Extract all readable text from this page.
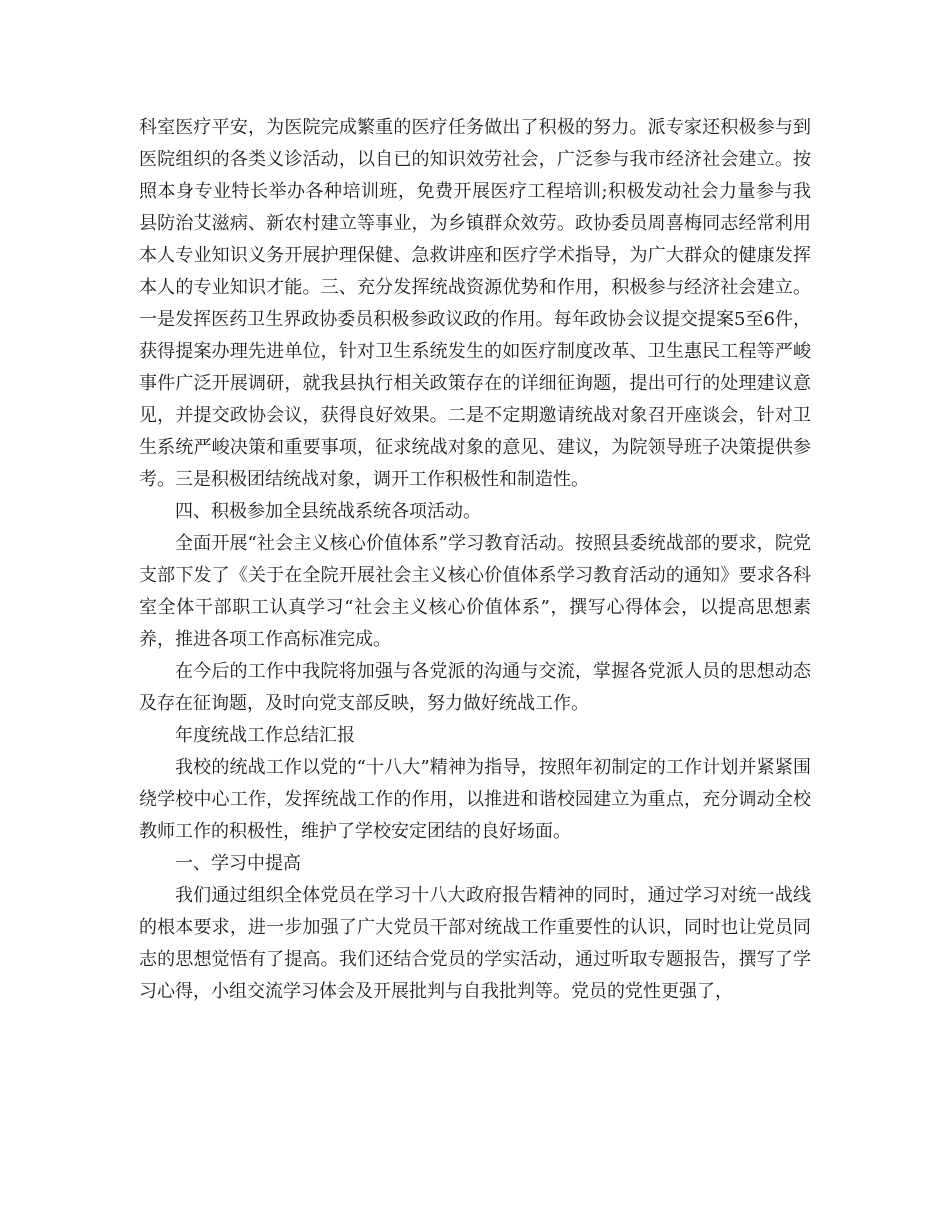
科室医疗平安，为医院完成繁重的医疗任务做出了积极的努力。派专家还积极参与到医院组织的各类义诊活动，以自已的知识效劳社会，广泛参与我市经济社会建立。按照本身专业特长举办各种培训班，免费开展医疗工程培训;积极发动社会力量参与我县防治艾滋病、新农村建立等事业，为乡镇群众效劳。政协委员周喜梅同志经常利用本人专业知识义务开展护理保健、急救讲座和医疗学术指导，为广大群众的健康发挥本人的专业知识才能。三、充分发挥统战资源优势和作用，积极参与经济社会建立。一是发挥医药卫生界政协委员积极参政议政的作用。每年政协会议提交提案5至6件，获得提案办理先进单位，针对卫生系统发生的如医疗制度改革、卫生惠民工程等严峻事件广泛开展调研，就我县执行相关政策存在的详细征询题，提出可行的处理建议意见，并提交政协会议，获得良好效果。二是不定期邀请统战对象召开座谈会，针对卫生系统严峻决策和重要事项，征求统战对象的意见、建议，为院领导班子决策提供参考。三是积极团结统战对象，调开工作积极性和制造性。

四、积极参加全县统战系统各项活动。

全面开展“社会主义核心价值体系”学习教育活动。按照县委统战部的要求，院党支部下发了《关于在全院开展社会主义核心价值体系学习教育活动的通知》要求各科室全体干部职工认真学习“社会主义核心价值体系”，撰写心得体会，以提高思想素养，推进各项工作高标准完成。

在今后的工作中我院将加强与各党派的沟通与交流，掌握各党派人员的思想动态及存在征询题，及时向党支部反映，努力做好统战工作。

年度统战工作总结汇报

我校的统战工作以党的“十八大”精神为指导，按照年初制定的工作计划并紧紧围绕学校中心工作，发挥统战工作的作用，以推进和谐校园建立为重点，充分调动全校教师工作的积极性，维护了学校安定团结的良好场面。

一、学习中提高

我们通过组织全体党员在学习十八大政府报告精神的同时，通过学习对统一战线的根本要求，进一步加强了广大党员干部对统战工作重要性的认识，同时也让党员同志的思想觉悟有了提高。我们还结合党员的学实活动，通过听取专题报告，撰写了学习心得，小组交流学习体会及开展批判与自我批判等。党员的党性更强了，
